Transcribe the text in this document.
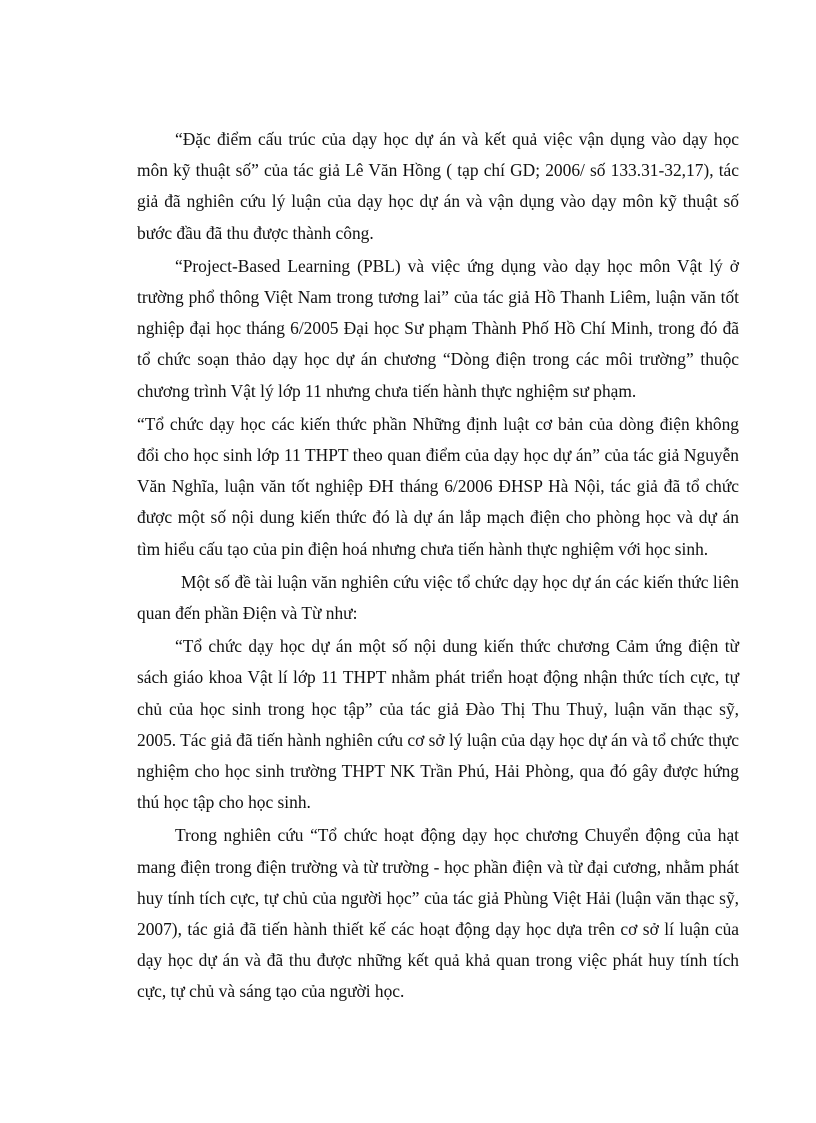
“Đặc điểm cấu trúc của dạy học dự án và kết quả việc vận dụng vào dạy học môn kỹ thuật số” của tác giả Lê Văn Hồng ( tạp chí GD; 2006/ số 133.31-32,17), tác giả đã nghiên cứu lý luận của dạy học dự án và vận dụng vào dạy môn kỹ thuật số bước đầu đã thu được thành công.

“Project-Based Learning (PBL) và việc ứng dụng vào dạy học môn Vật lý ở trường phổ thông Việt Nam trong tương lai” của tác giả Hồ Thanh Liêm, luận văn tốt nghiệp đại học tháng 6/2005 Đại học Sư phạm Thành Phố Hồ Chí Minh, trong đó đã tổ chức soạn thảo dạy học dự án chương “Dòng điện trong các môi trường” thuộc chương trình Vật lý lớp 11 nhưng chưa tiến hành thực nghiệm sư phạm.

“Tổ chức dạy học các kiến thức phần Những định luật cơ bản của dòng điện không đổi cho học sinh lớp 11 THPT theo quan điểm của dạy học dự án” của tác giả Nguyễn Văn Nghĩa, luận văn tốt nghiệp ĐH tháng 6/2006 ĐHSP Hà Nội, tác giả đã tổ chức được một số nội dung kiến thức đó là dự án lắp mạch điện cho phòng học và dự án tìm hiểu cấu tạo của pin điện hoá nhưng chưa tiến hành thực nghiệm với học sinh.

Một số đề tài luận văn nghiên cứu việc tổ chức dạy học dự án các kiến thức liên quan đến phần Điện và Từ như:

“Tổ chức dạy học dự án một số nội dung kiến thức chương Cảm ứng điện từ sách giáo khoa Vật lí lớp 11 THPT nhằm phát triển hoạt động nhận thức tích cực, tự chủ của học sinh trong học tập” của tác giả Đào Thị Thu Thuỷ, luận văn thạc sỹ, 2005. Tác giả đã tiến hành nghiên cứu cơ sở lý luận của dạy học dự án và tổ chức thực nghiệm cho học sinh trường THPT NK Trần Phú, Hải Phòng, qua đó gây được hứng thú học tập cho học sinh.

Trong nghiên cứu “Tổ chức hoạt động dạy học chương Chuyển động của hạt mang điện trong điện trường và từ trường - học phần điện và từ đại cương, nhằm phát huy tính tích cực, tự chủ của người học” của tác giả Phùng Việt Hải (luận văn thạc sỹ, 2007), tác giả đã tiến hành thiết kế các hoạt động dạy học dựa trên cơ sở lí luận của dạy học dự án và đã thu được những kết quả khả quan trong việc phát huy tính tích cực, tự chủ và sáng tạo của người học.
